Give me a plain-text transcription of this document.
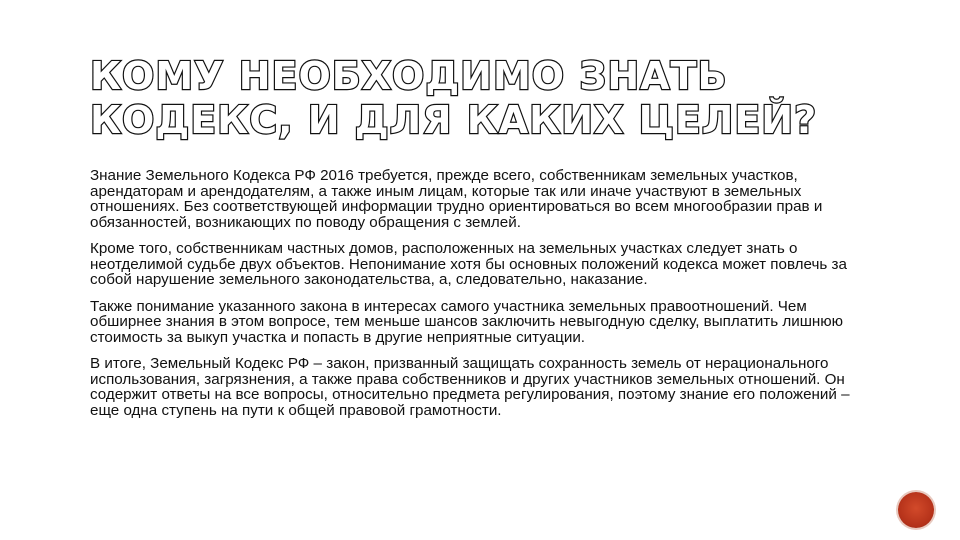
КОМУ НЕОБХОДИМО ЗНАТЬ КОДЕКС, И ДЛЯ КАКИХ ЦЕЛЕЙ?

Знание Земельного Кодекса РФ 2016 требуется, прежде всего, собственникам земельных участков, арендаторам и арендодателям, а также иным лицам, которые так или иначе участвуют в земельных отношениях. Без соответствующей информации трудно ориентироваться во всем многообразии прав и обязанностей, возникающих по поводу обращения с землей.

Кроме того, собственникам частных домов, расположенных на земельных участках следует знать о неотделимой судьбе двух объектов. Непонимание хотя бы основных положений кодекса может повлечь за собой нарушение земельного законодательства, а, следовательно, наказание.

Также понимание указанного закона в интересах самого участника земельных правоотношений. Чем обширнее знания в этом вопросе, тем меньше шансов заключить невыгодную сделку, выплатить лишнюю стоимость за выкуп участка и попасть в другие неприятные ситуации.

В итоге, Земельный Кодекс РФ – закон, призванный защищать сохранность земель от нерационального использования, загрязнения, а также права собственников и других участников земельных отношений. Он содержит ответы на все вопросы, относительно предмета регулирования, поэтому знание его положений – еще одна ступень на пути к общей правовой грамотности.
